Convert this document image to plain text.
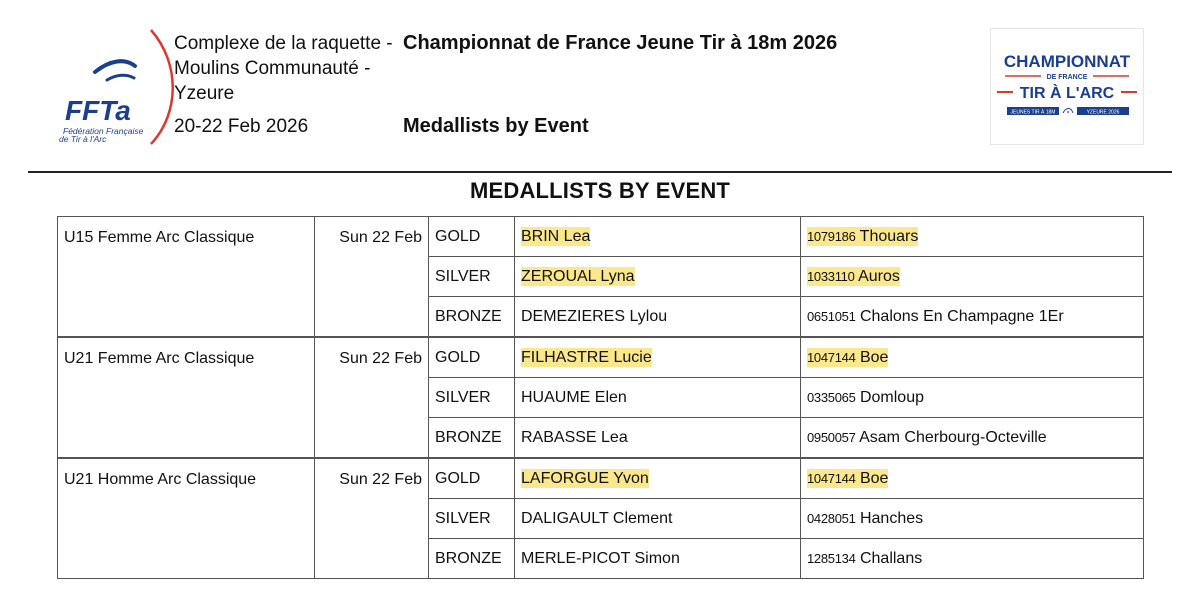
FFTa
Fédération Française
de Tir à l'Arc
Complexe de la raquette - Moulins Communauté - Yzeure
20-22 Feb 2026
Championnat de France Jeune Tir à 18m 2026
Medallists by Event
CHAMPIONNAT
DE FRANCE
TIR À L'ARC
JEUNES TIR À 18M	YZEURE 2026
MEDALLISTS BY EVENT
U15 Femme Arc Classique	Sun 22 Feb	GOLD	BRIN Lea	1079186 Thouars
		SILVER	ZEROUAL Lyna	1033110 Auros
		BRONZE	DEMEZIERES Lylou	0651051 Chalons En Champagne 1Er
U21 Femme Arc Classique	Sun 22 Feb	GOLD	FILHASTRE Lucie	1047144 Boe
		SILVER	HUAUME Elen	0335065 Domloup
		BRONZE	RABASSE Lea	0950057 Asam Cherbourg-Octeville
U21 Homme Arc Classique	Sun 22 Feb	GOLD	LAFORGUE Yvon	1047144 Boe
		SILVER	DALIGAULT Clement	0428051 Hanches
		BRONZE	MERLE-PICOT Simon	1285134 Challans
